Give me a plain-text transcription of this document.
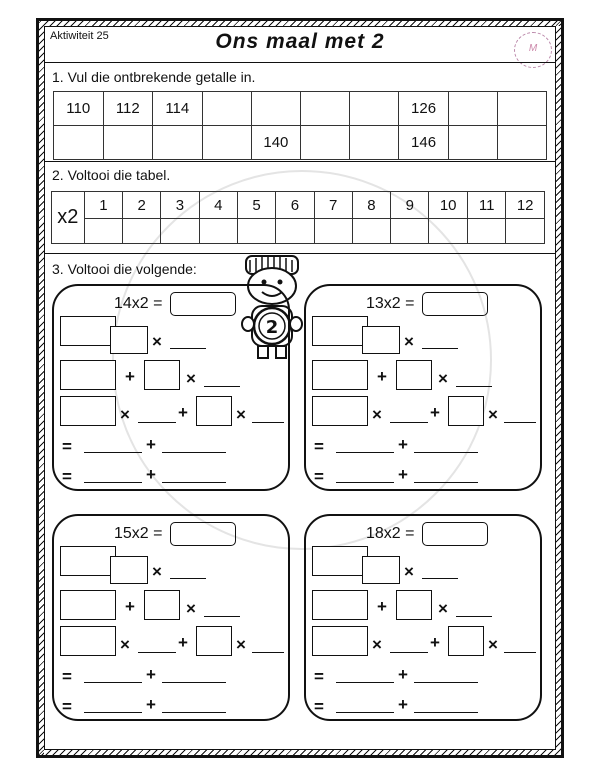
Aktiwiteit 25	Ons maal met 2	M
1. Vul die ontbrekende getalle in.
110	112	114					126		
				140			146		
2. Voltooi die tabel.
x2	1	2	3	4	5	6	7	8	9	10	11	12

3. Voltooi die volgende:
2
14x2 =
×
+	×
×	+	×
=	+
=	+
13x2 =
×
+	×
×	+	×
=	+
=	+
15x2 =
×
+	×
×	+	×
=	+
=	+
18x2 =
×
+	×
×	+	×
=	+
=	+
